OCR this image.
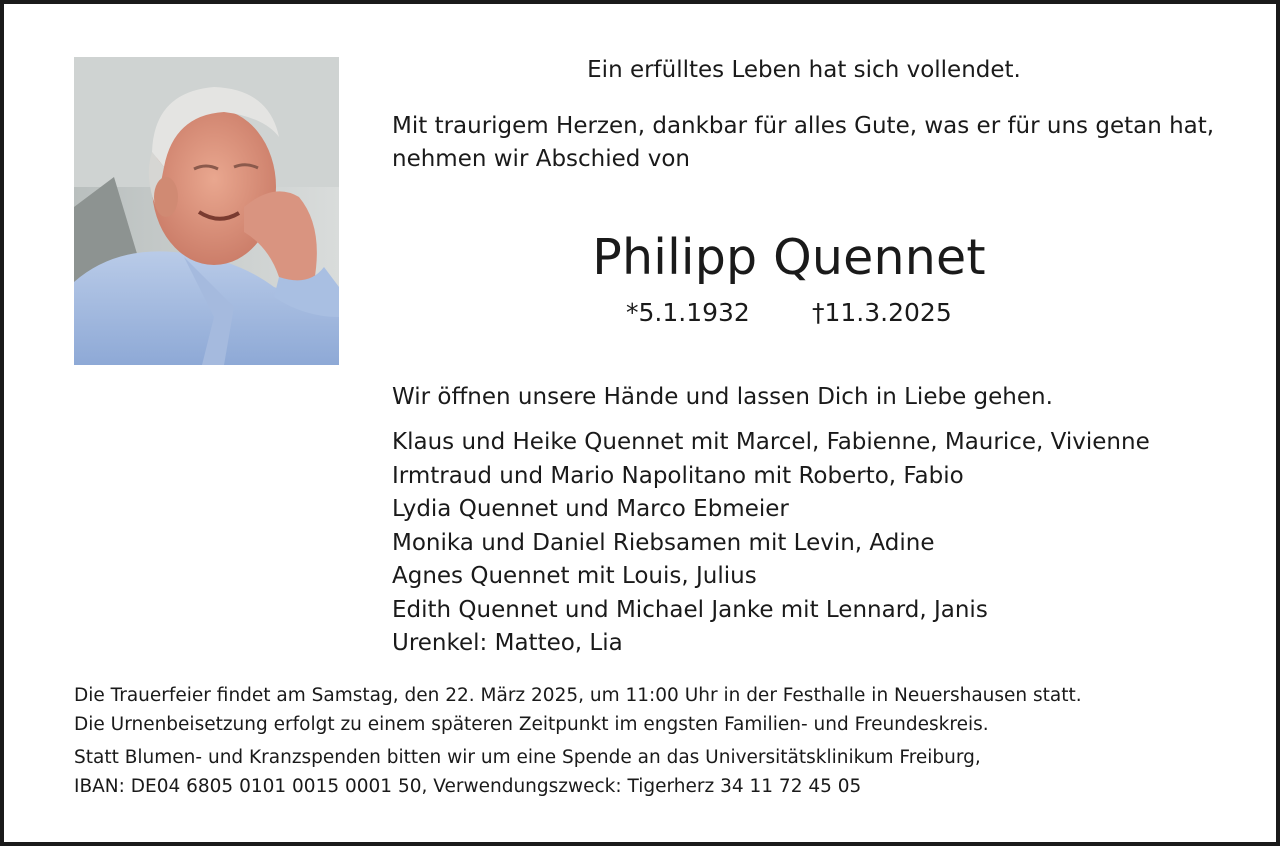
Ein erfülltes Leben hat sich vollendet.
Mit traurigem Herzen, dankbar für alles Gute, was er für uns getan hat,
nehmen wir Abschied von
Philipp Quennet
*5.1.1932 †11.3.2025
Wir öffnen unsere Hände und lassen Dich in Liebe gehen.
Klaus und Heike Quennet mit Marcel, Fabienne, Maurice, Vivienne
Irmtraud und Mario Napolitano mit Roberto, Fabio
Lydia Quennet und Marco Ebmeier
Monika und Daniel Riebsamen mit Levin, Adine
Agnes Quennet mit Louis, Julius
Edith Quennet und Michael Janke mit Lennard, Janis
Urenkel: Matteo, Lia
Die Trauerfeier findet am Samstag, den 22. März 2025, um 11:00 Uhr in der Festhalle in Neuershausen statt.
Die Urnenbeisetzung erfolgt zu einem späteren Zeitpunkt im engsten Familien- und Freundeskreis.
Statt Blumen- und Kranzspenden bitten wir um eine Spende an das Universitätsklinikum Freiburg,
IBAN: DE04 6805 0101 0015 0001 50, Verwendungszweck: Tigerherz 34 11 72 45 05
